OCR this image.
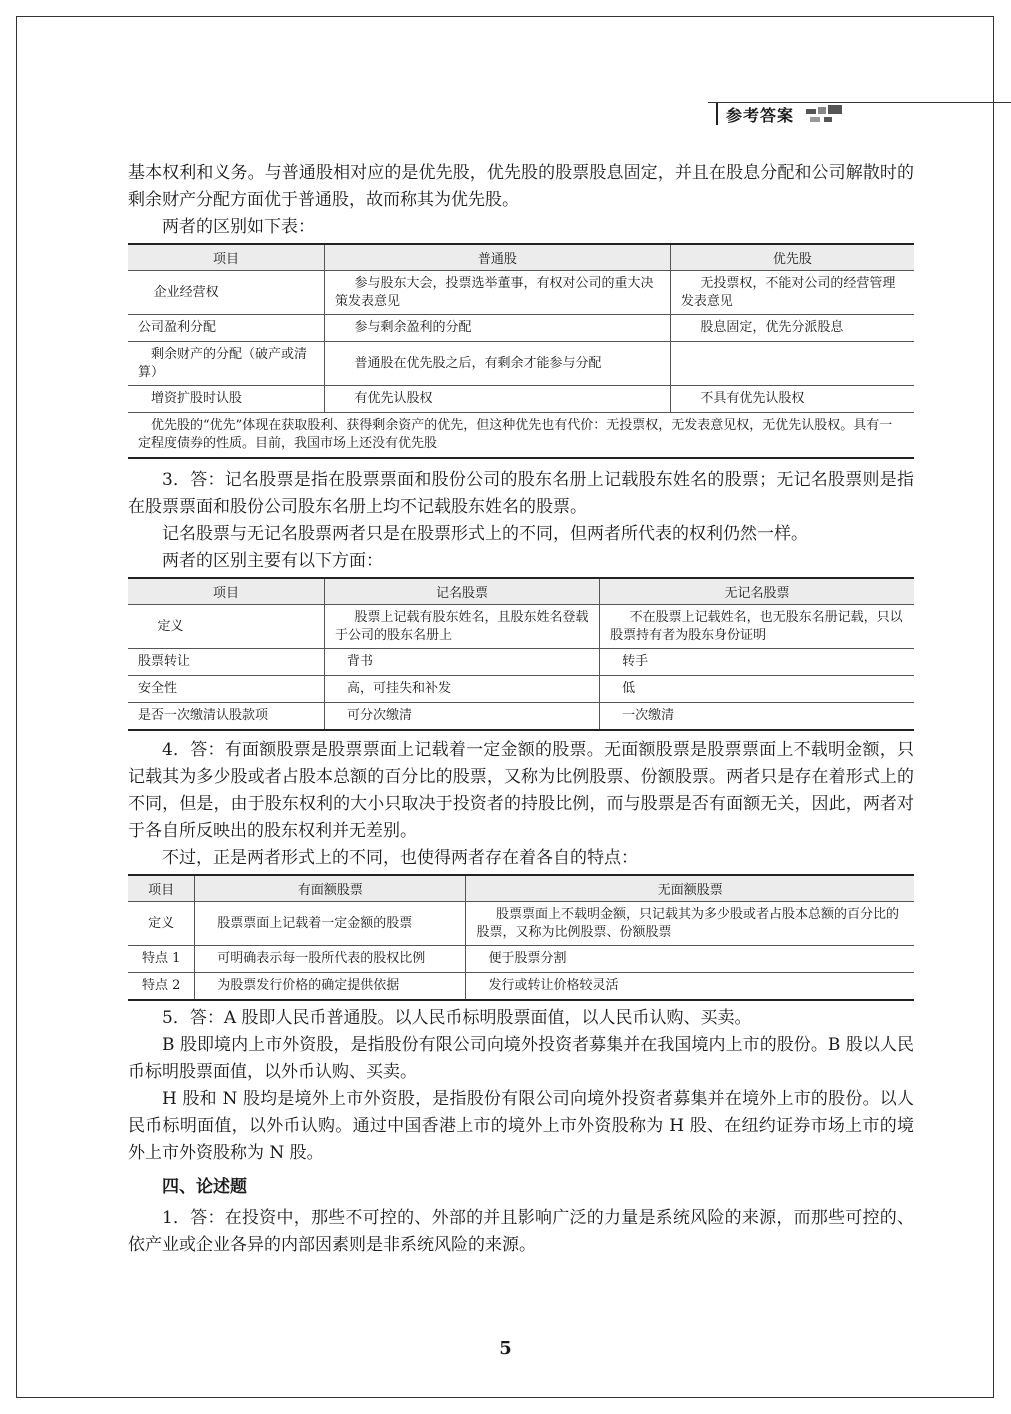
参考答案

基本权利和义务。与普通股相对应的是优先股，优先股的股票股息固定，并且在股息分配和公司解散时的剩余财产分配方面优于普通股，故而称其为优先股。

两者的区别如下表：

项目	普通股	优先股
企业经营权	参与股东大会，投票选举董事，有权对公司的重大决策发表意见	无投票权，不能对公司的经营管理发表意见
公司盈利分配	参与剩余盈利的分配	股息固定，优先分派股息
剩余财产的分配（破产或清算）	普通股在优先股之后，有剩余才能参与分配	
增资扩股时认股	有优先认股权	不具有优先认股权
优先股的“优先”体现在获取股利、获得剩余资产的优先，但这种优先也有代价：无投票权，无发表意见权，无优先认股权。具有一定程度债券的性质。目前，我国市场上还没有优先股		

3．答：记名股票是指在股票票面和股份公司的股东名册上记载股东姓名的股票；无记名股票则是指在股票票面和股份公司股东名册上均不记载股东姓名的股票。

记名股票与无记名股票两者只是在股票形式上的不同，但两者所代表的权利仍然一样。

两者的区别主要有以下方面：

项目	记名股票	无记名股票
定义	股票上记载有股东姓名，且股东姓名登载于公司的股东名册上	不在股票上记载姓名，也无股东名册记载，只以股票持有者为股东身份证明
股票转让	背书	转手
安全性	高，可挂失和补发	低
是否一次缴清认股款项	可分次缴清	一次缴清

4．答：有面额股票是股票票面上记载着一定金额的股票。无面额股票是股票票面上不载明金额，只记载其为多少股或者占股本总额的百分比的股票，又称为比例股票、份额股票。两者只是存在着形式上的不同，但是，由于股东权利的大小只取决于投资者的持股比例，而与股票是否有面额无关，因此，两者对于各自所反映出的股东权利并无差别。

不过，正是两者形式上的不同，也使得两者存在着各自的特点：

项目	有面额股票	无面额股票
定义	股票票面上记载着一定金额的股票	股票票面上不载明金额，只记载其为多少股或者占股本总额的百分比的股票，又称为比例股票、份额股票
特点 1	可明确表示每一股所代表的股权比例	便于股票分割
特点 2	为股票发行价格的确定提供依据	发行或转让价格较灵活

5．答：A 股即人民币普通股。以人民币标明股票面值，以人民币认购、买卖。

B 股即境内上市外资股，是指股份有限公司向境外投资者募集并在我国境内上市的股份。B 股以人民币标明股票面值，以外币认购、买卖。

H 股和 N 股均是境外上市外资股，是指股份有限公司向境外投资者募集并在境外上市的股份。以人民币标明面值，以外币认购。通过中国香港上市的境外上市外资股称为 H 股、在纽约证券市场上市的境外上市外资股称为 N 股。

四、论述题

1．答：在投资中，那些不可控的、外部的并且影响广泛的力量是系统风险的来源，而那些可控的、依产业或企业各异的内部因素则是非系统风险的来源。

5
